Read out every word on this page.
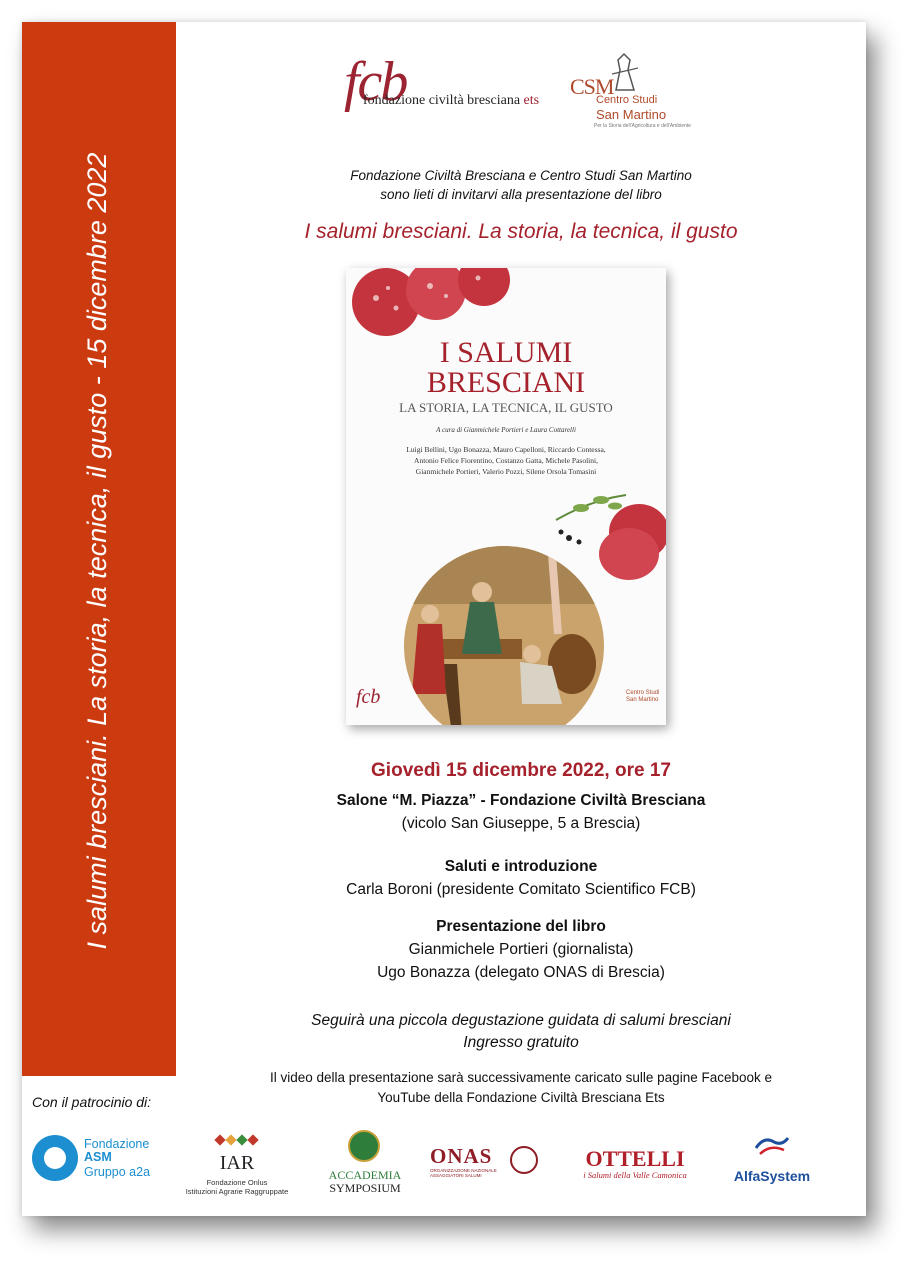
I salumi bresciani. La storia, la tecnica, il gusto - 15 dicembre 2022
fcb
fondazione civiltà bresciana ets
CSM
Centro Studi
San Martino
Per la Storia dell'Agricoltura e dell'Ambiente
Fondazione Civiltà Bresciana e Centro Studi San Martino
sono lieti di invitarvi alla presentazione del libro
I salumi bresciani. La storia, la tecnica, il gusto
I SALUMI
BRESCIANI
LA STORIA, LA TECNICA, IL GUSTO
A cura di Gianmichele Portieri e Laura Cottarelli
Luigi Bellini, Ugo Bonazza, Mauro Capelloni, Riccardo Contessa,
Antonio Felice Fiorentino, Costanzo Gatta, Michele Pasolini,
Gianmichele Portieri, Valerio Pozzi, Silene Orsola Tomasini
fcb	Centro Studi
San Martino
Giovedì 15 dicembre 2022, ore 17
Salone “M. Piazza” - Fondazione Civiltà Bresciana
(vicolo San Giuseppe, 5 a Brescia)
Saluti e introduzione
Carla Boroni (presidente Comitato Scientifico FCB)
Presentazione del libro
Gianmichele Portieri (giornalista)
Ugo Bonazza (delegato ONAS di Brescia)
Seguirà una piccola degustazione guidata di salumi bresciani
Ingresso gratuito
Il video della presentazione sarà successivamente caricato sulle pagine Facebook e
YouTube della Fondazione Civiltà Bresciana Ets
Con il patrocinio di:
Fondazione
ASM
Gruppo a2a	IAR
Fondazione Onlus
Istituzioni Agrarie Raggruppate
ACCADEMIA
SYMPOSIUM
ONAS
ORGANIZZAZIONE NAZIONALE ASSAGGIATORI SALUMI
OTTELLI
i Salumi della Valle Camonica	AlfaSystem
